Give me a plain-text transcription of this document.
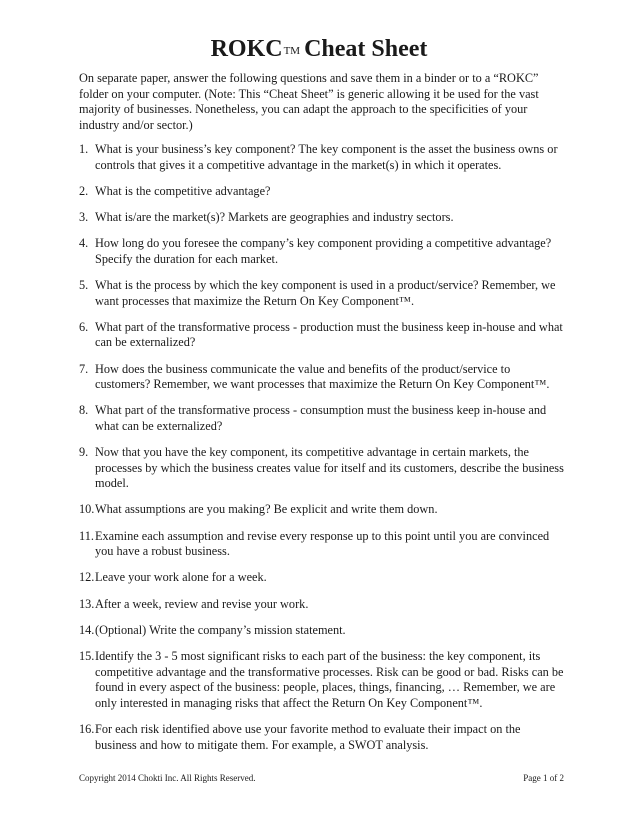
ROKC™ Cheat Sheet

On separate paper, answer the following questions and save them in a binder or to a “ROKC” folder on your computer. (Note: This “Cheat Sheet” is generic allowing it be used for the vast majority of businesses. Nonetheless, you can adapt the approach to the specificities of your industry and/or sector.)

1. What is your business’s key component? The key component is the asset the business owns or controls that gives it a competitive advantage in the market(s) in which it operates.
2. What is the competitive advantage?
3. What is/are the market(s)? Markets are geographies and industry sectors.
4. How long do you foresee the company’s key component providing a competitive advantage? Specify the duration for each market.
5. What is the process by which the key component is used in a product/service? Remember, we want processes that maximize the Return On Key Component™.
6. What part of the transformative process - production must the business keep in-house and what can be externalized?
7. How does the business communicate the value and benefits of the product/service to customers? Remember, we want processes that maximize the Return On Key Component™.
8. What part of the transformative process - consumption must the business keep in-house and what can be externalized?
9. Now that you have the key component, its competitive advantage in certain markets, the processes by which the business creates value for itself and its customers, describe the business model.
10. What assumptions are you making? Be explicit and write them down.
11. Examine each assumption and revise every response up to this point until you are convinced you have a robust business.
12. Leave your work alone for a week.
13. After a week, review and revise your work.
14. (Optional) Write the company’s mission statement.
15. Identify the 3 - 5 most significant risks to each part of the business: the key component, its competitive advantage and the transformative processes. Risk can be good or bad. Risks can be found in every aspect of the business: people, places, things, financing, … Remember, we are only interested in managing risks that affect the Return On Key Component™.
16. For each risk identified above use your favorite method to evaluate their impact on the business and how to mitigate them. For example, a SWOT analysis.
Copyright 2014 Chokti Inc. All Rights Reserved.	Page 1 of 2
